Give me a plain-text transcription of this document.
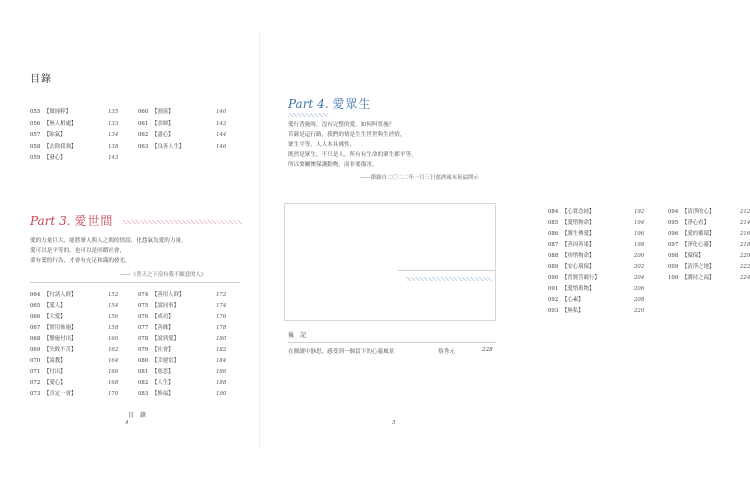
目錄
055 【做純粹】	135
056 【無人相處】	133
057 【晾氣】	134
058 【去除我執】	138
059 【發心】	143
060 【割羨】	140
061 【余師】	142
062 【盡心】	144
063 【良善人生】	146
Part 3. 愛世間
愛的力量巨大，能將眾人與人之間的情誼，化怨氣為愛的力量。
愛可以是平等的，也可以是回饋社會，
要有愛的行為，才會有充足和滿的發光。
——《普天之下沒有我不願意的人》
064 【付諸人群】	152
065 【愛人】	154
066 【大愛】	156
067 【實用佈施】	158
068 【樂施付出】	160
069 【失敗不苦】	162
070 【說教】	164
071 【付出】	166
072 【愛心】	168
073 【肯定一會】	170
074 【善用人群】	172
075 【說同事】	174
076 【成功】	176
077 【善緣】	178
078 【說到愛】	180
079 【社會】	182
080 【幸運當】	184
081 【慈悲】	186
082 【人生】	188
083 【修福】	190
目　錄
4
Part 4. 愛眾生
愛行普施時，沒有完整的愛，如何叫普施？
苦薩是這行路，我們的情是生生世世與生於情，
眾生平等，人人本具佛性，
既然是眾生，不只是人，所有有生命的眾生都平等，
所以要關懷保護動物，而非要傷害。
——節錄自二〇二二年一月三日慈濟歲末祝福開示
084 【心寬念純】	192
085 【愛惜物命】	194
086 【護生傳愛】	196
087 【善因善果】	198
088 【珍惜物命】	200
089 【安心環保】	202
090 【普賢菩薩行】	204
091 【愛惜萬物】	206
092 【心素】	208
093 【無私】	220
094 【清淨的心】	212
095 【淨心看】	214
096 【愛的循環】	216
097 【淨化心靈】	218
098 【環保】	220
099 【清淨之地】	222
100 【護持之福】	224
後　記
在閱讀中靜思，感受到一個當下的心靈風景	蔡秀元	228
5
